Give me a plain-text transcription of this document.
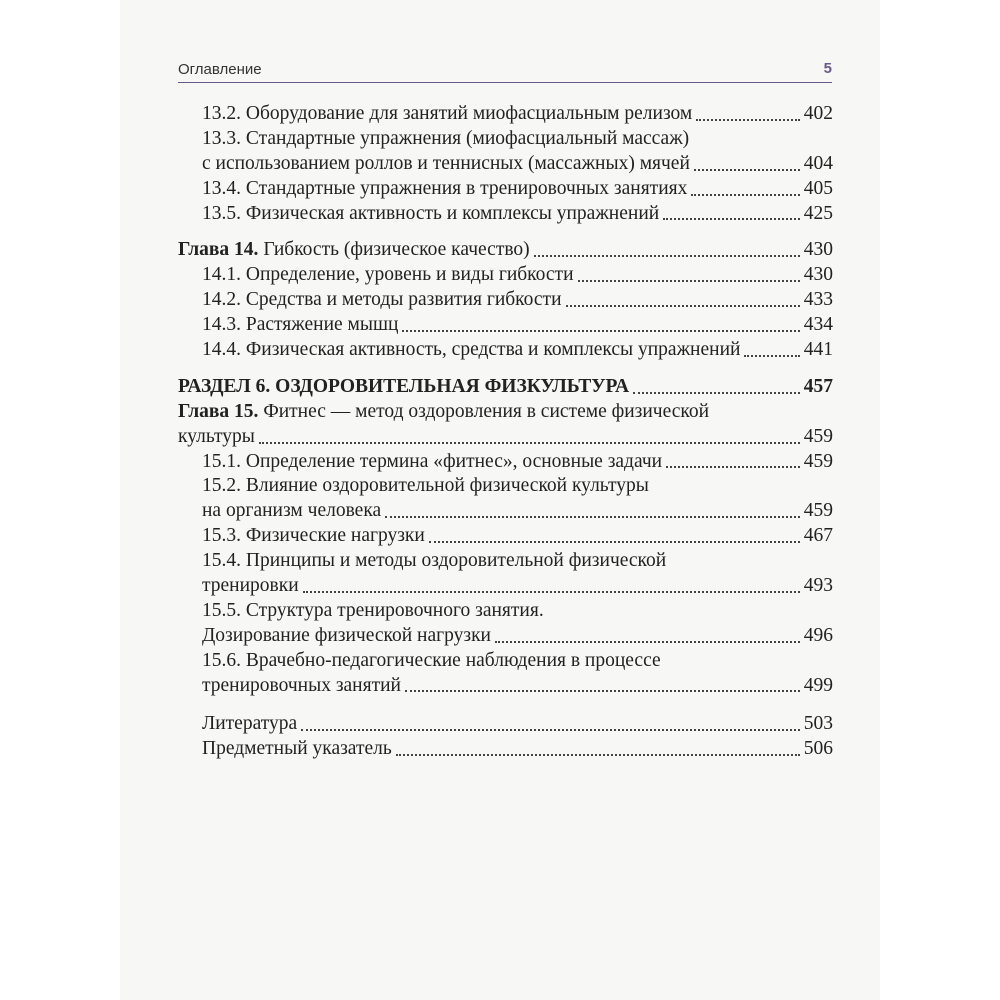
Оглавление	5
13.2. Оборудование для занятий миофасциальным релизом	402
13.3. Стандартные упражнения (миофасциальный массаж)
с использованием роллов и теннисных (массажных) мячей	404
13.4. Стандартные упражнения в тренировочных занятиях	405
13.5. Физическая активность и комплексы упражнений	425
Глава 14. Гибкость (физическое качество)	430
14.1. Определение, уровень и виды гибкости	430
14.2. Средства и методы развития гибкости	433
14.3. Растяжение мышц	434
14.4. Физическая активность, средства и комплексы упражнений	441
РАЗДЕЛ 6. ОЗДОРОВИТЕЛЬНАЯ ФИЗКУЛЬТУРА	457
Глава 15. Фитнес — метод оздоровления в системе физической
культуры	459
15.1. Определение термина «фитнес», основные задачи	459
15.2. Влияние оздоровительной физической культуры
на организм человека	459
15.3. Физические нагрузки	467
15.4. Принципы и методы оздоровительной физической
тренировки	493
15.5. Структура тренировочного занятия.
Дозирование физической нагрузки	496
15.6. Врачебно-педагогические наблюдения в процессе
тренировочных занятий	499
Литература	503
Предметный указатель	506
